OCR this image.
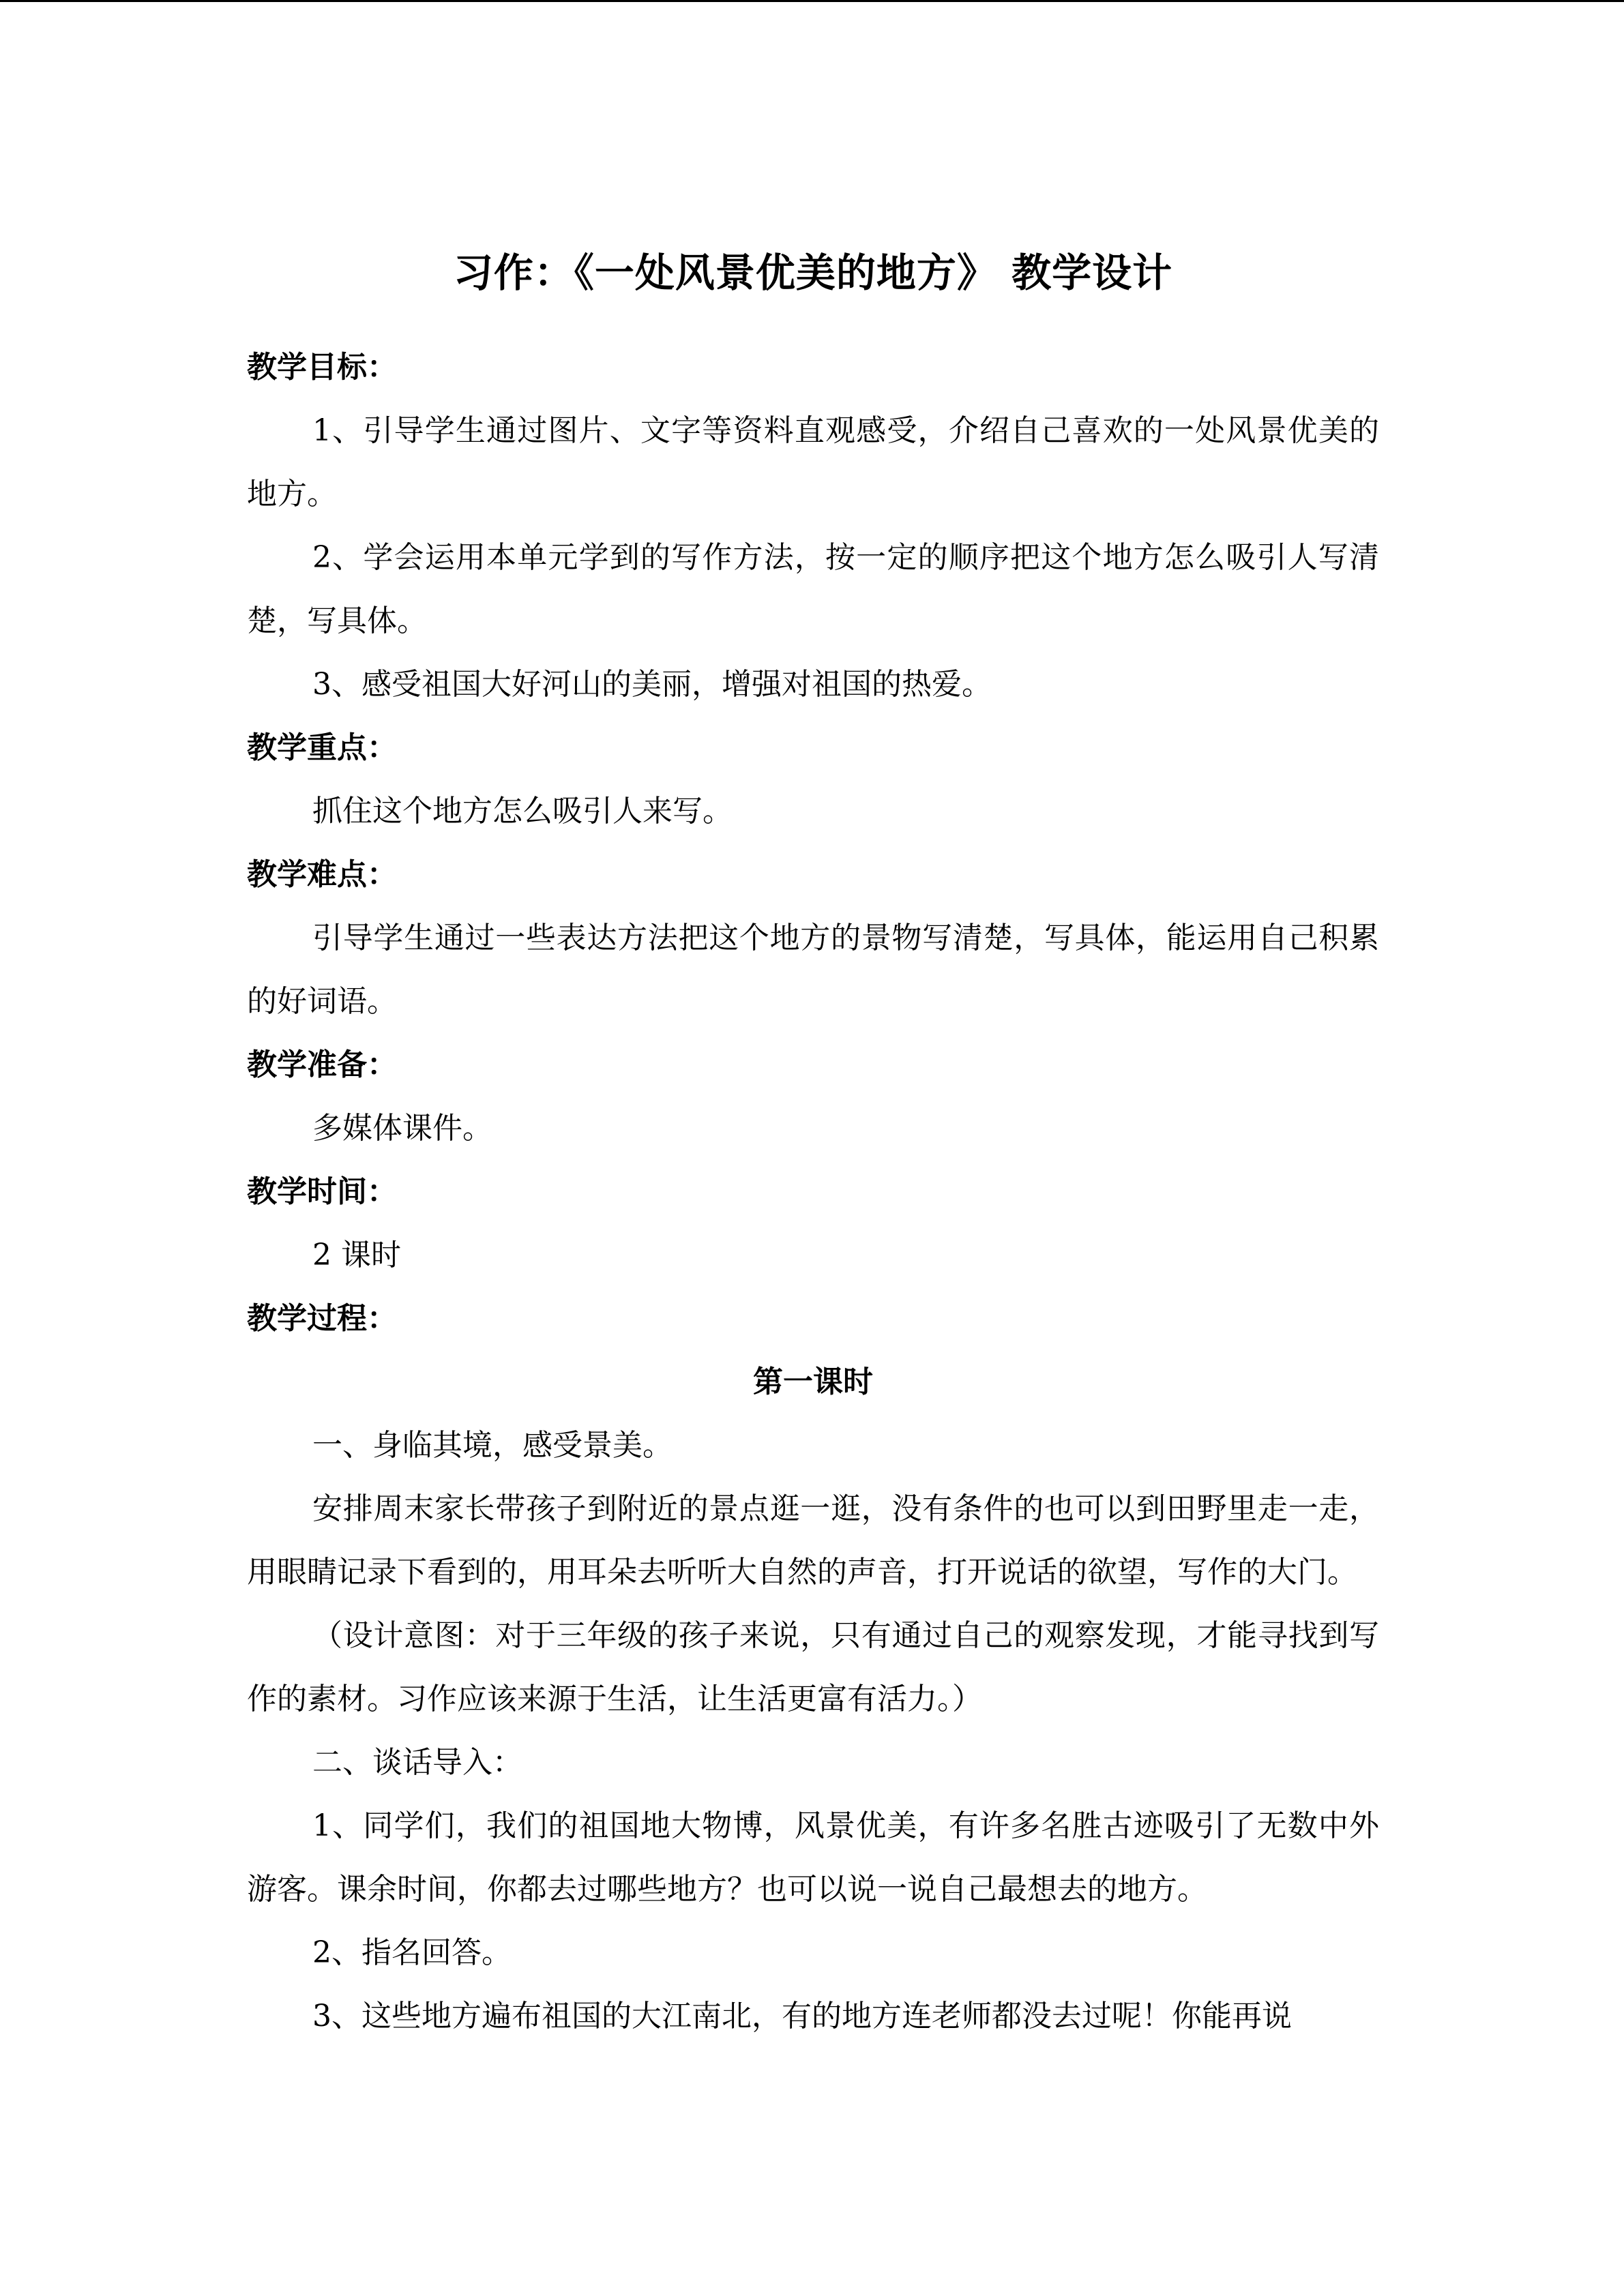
习作：《一处风景优美的地方》 教学设计
教学目标：

1、引导学生通过图片、文字等资料直观感受，介绍自己喜欢的一处风景优美的地方。

2、学会运用本单元学到的写作方法，按一定的顺序把这个地方怎么吸引人写清楚，写具体。

3、感受祖国大好河山的美丽，增强对祖国的热爱。

教学重点：

抓住这个地方怎么吸引人来写。

教学难点：

引导学生通过一些表达方法把这个地方的景物写清楚，写具体，能运用自己积累的好词语。

教学准备：

多媒体课件。

教学时间：

2 课时

教学过程：
第一课时

一、身临其境，感受景美。

安排周末家长带孩子到附近的景点逛一逛，没有条件的也可以到田野里走一走，用眼睛记录下看到的，用耳朵去听听大自然的声音，打开说话的欲望，写作的大门。

（设计意图：对于三年级的孩子来说，只有通过自己的观察发现，才能寻找到写作的素材。习作应该来源于生活，让生活更富有活力。）

二、谈话导入：

1、同学们，我们的祖国地大物博，风景优美，有许多名胜古迹吸引了无数中外游客。课余时间，你都去过哪些地方？也可以说一说自己最想去的地方。

2、指名回答。

3、这些地方遍布祖国的大江南北，有的地方连老师都没去过呢！你能再说
